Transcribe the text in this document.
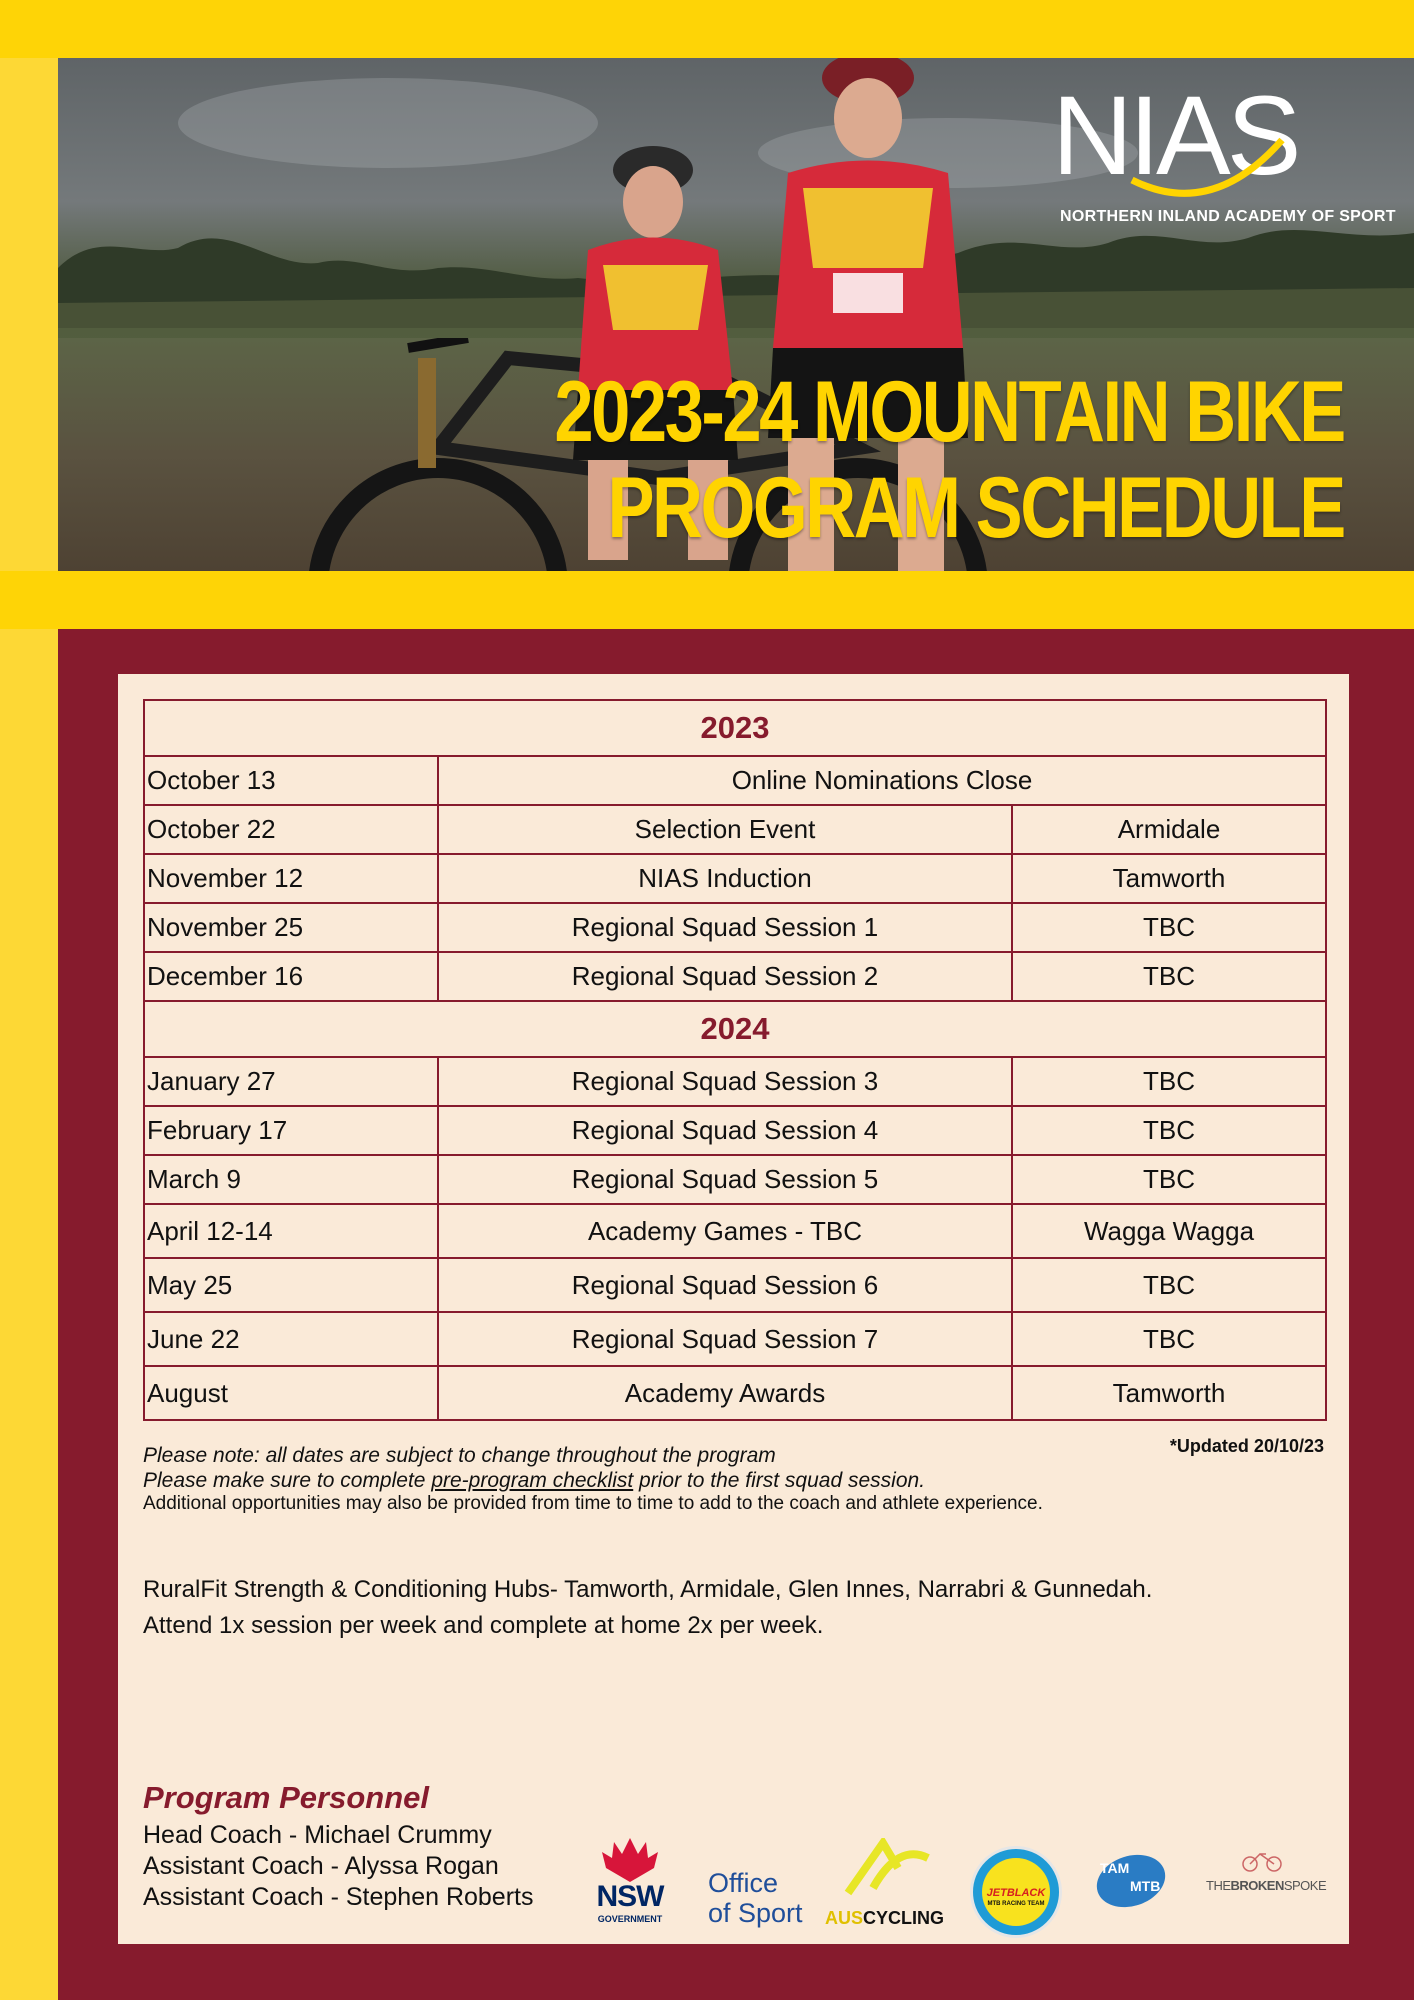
NIAS
NORTHERN INLAND ACADEMY OF SPORT
2023-24 MOUNTAIN BIKE
PROGRAM SCHEDULE
2023		
October 13	Online Nominations Close	
October 22	Selection Event	Armidale
November 12	NIAS Induction	Tamworth
November 25	Regional Squad Session 1	TBC
December 16	Regional Squad Session 2	TBC
2024		
January 27	Regional Squad Session 3	TBC
February 17	Regional Squad Session 4	TBC
March 9	Regional Squad Session 5	TBC
April 12-14	Academy Games - TBC	Wagga Wagga
May 25	Regional Squad Session 6	TBC
June 22	Regional Squad Session 7	TBC
August	Academy Awards	Tamworth
*Updated 20/10/23
Please note: all dates are subject to change throughout the program
Please make sure to complete pre-program checklist prior to the first squad session.
Additional opportunities may also be provided from time to time to add to the coach and athlete experience.
RuralFit Strength & Conditioning Hubs- Tamworth, Armidale, Glen Innes, Narrabri & Gunnedah.
Attend 1x session per week and complete at home 2x per week.
Program Personnel
Head Coach - Michael Crummy
Assistant Coach - Alyssa Rogan
Assistant Coach - Stephen Roberts NSW
GOVERNMENT
Office
of Sport AUSCYCLING
JETBLACK
MTB RACING TEAM
TAM
MTB	THEBROKENSPOKE
